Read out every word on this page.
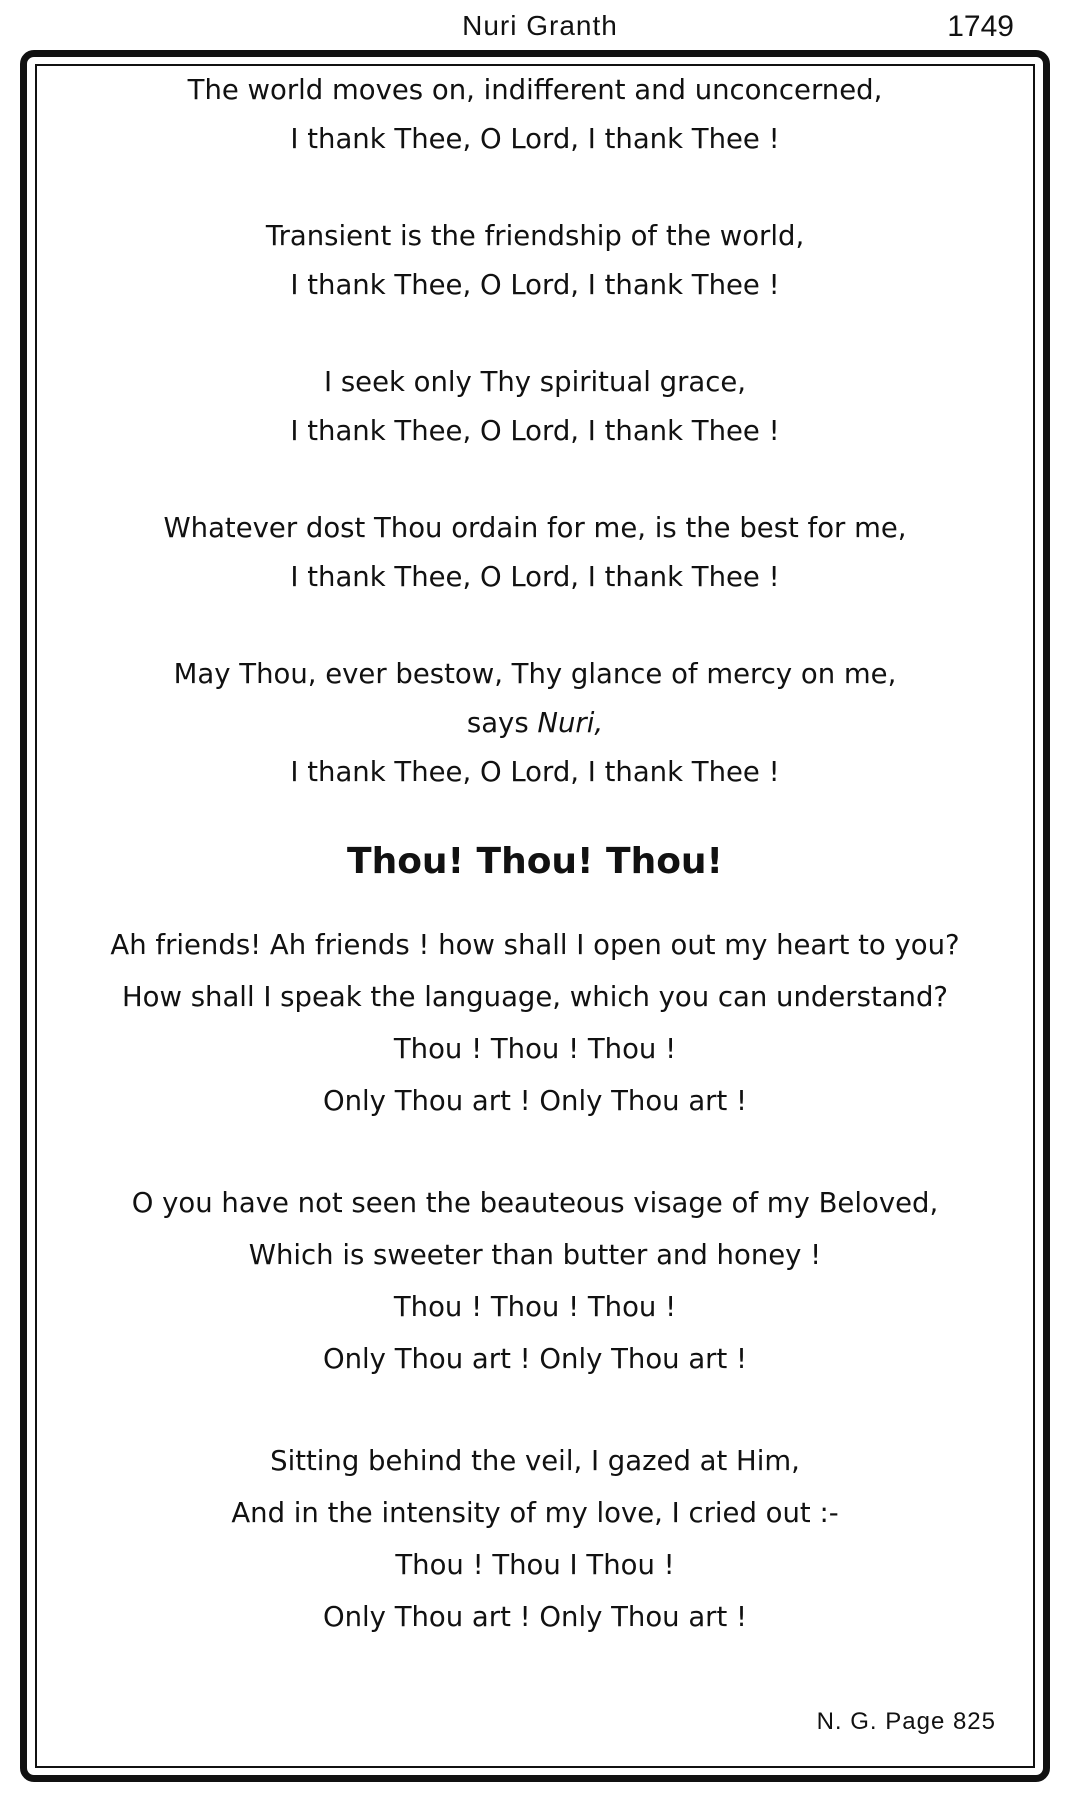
Nuri Granth	1749
The world moves on, indifferent and unconcerned,
I thank Thee, O Lord, I thank Thee !
Transient is the friendship of the world,
I thank Thee, O Lord, I thank Thee !
I seek only Thy spiritual grace,
I thank Thee, O Lord, I thank Thee !
Whatever dost Thou ordain for me, is the best for me,
I thank Thee, O Lord, I thank Thee !
May Thou, ever bestow, Thy glance of mercy on me,
says Nuri,
I thank Thee, O Lord, I thank Thee !
Thou! Thou! Thou!
Ah friends! Ah friends ! how shall I open out my heart to you?
How shall I speak the language, which you can understand?
Thou ! Thou ! Thou !
Only Thou art ! Only Thou art !
O you have not seen the beauteous visage of my Beloved,
Which is sweeter than butter and honey !
Thou ! Thou ! Thou !
Only Thou art ! Only Thou art !
Sitting behind the veil, I gazed at Him,
And in the intensity of my love, I cried out :-
Thou ! Thou I Thou !
Only Thou art ! Only Thou art !
N. G. Page 825
